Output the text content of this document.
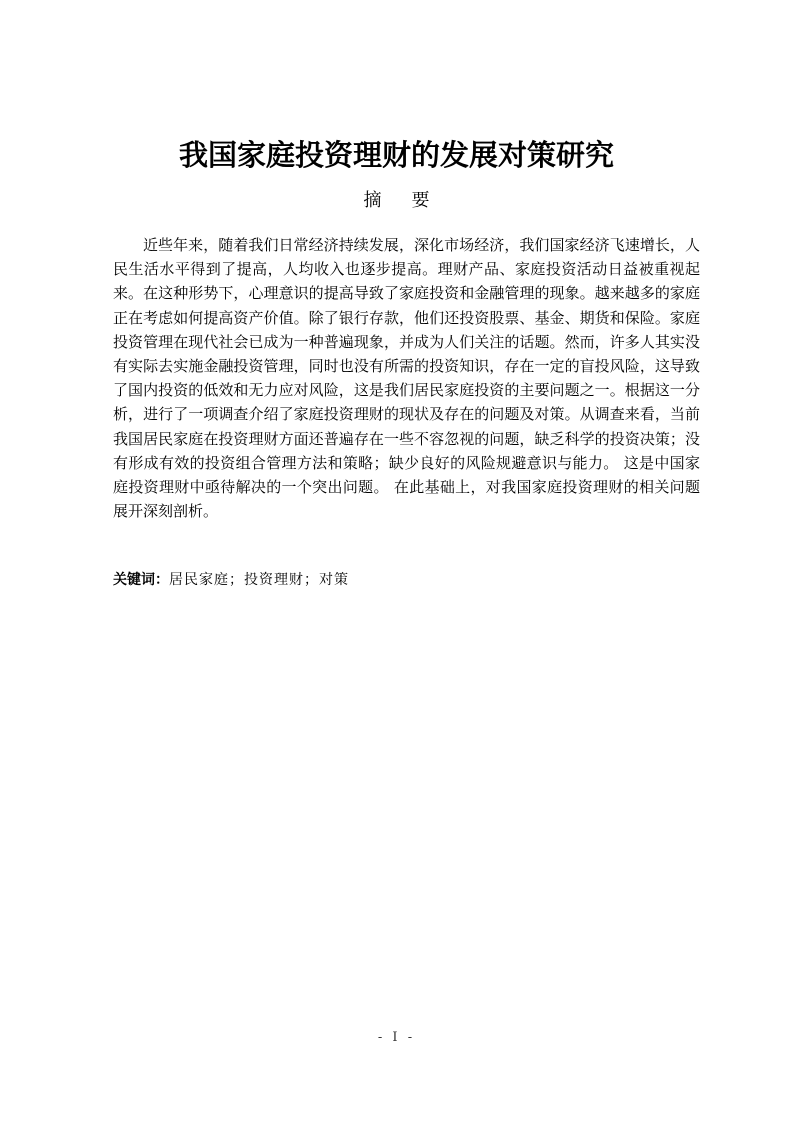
我国家庭投资理财的发展对策研究
摘要

近些年来，随着我们日常经济持续发展，深化市场经济，我们国家经济飞速增长，人民生活水平得到了提高，人均收入也逐步提高。理财产品、家庭投资活动日益被重视起来。在这种形势下，心理意识的提高导致了家庭投资和金融管理的现象。越来越多的家庭正在考虑如何提高资产价值。除了银行存款，他们还投资股票、基金、期货和保险。家庭投资管理在现代社会已成为一种普遍现象，并成为人们关注的话题。然而，许多人其实没有实际去实施金融投资管理，同时也没有所需的投资知识，存在一定的盲投风险，这导致了国内投资的低效和无力应对风险，这是我们居民家庭投资的主要问题之一。根据这一分析，进行了一项调查介绍了家庭投资理财的现状及存在的问题及对策。从调查来看，当前我国居民家庭在投资理财方面还普遍存在一些不容忽视的问题，缺乏科学的投资决策；没有形成有效的投资组合管理方法和策略；缺少良好的风险规避意识与能力。 这是中国家庭投资理财中亟待解决的一个突出问题。 在此基础上，对我国家庭投资理财的相关问题展开深刻剖析。

关键词：居民家庭；投资理财；对策
- I -
